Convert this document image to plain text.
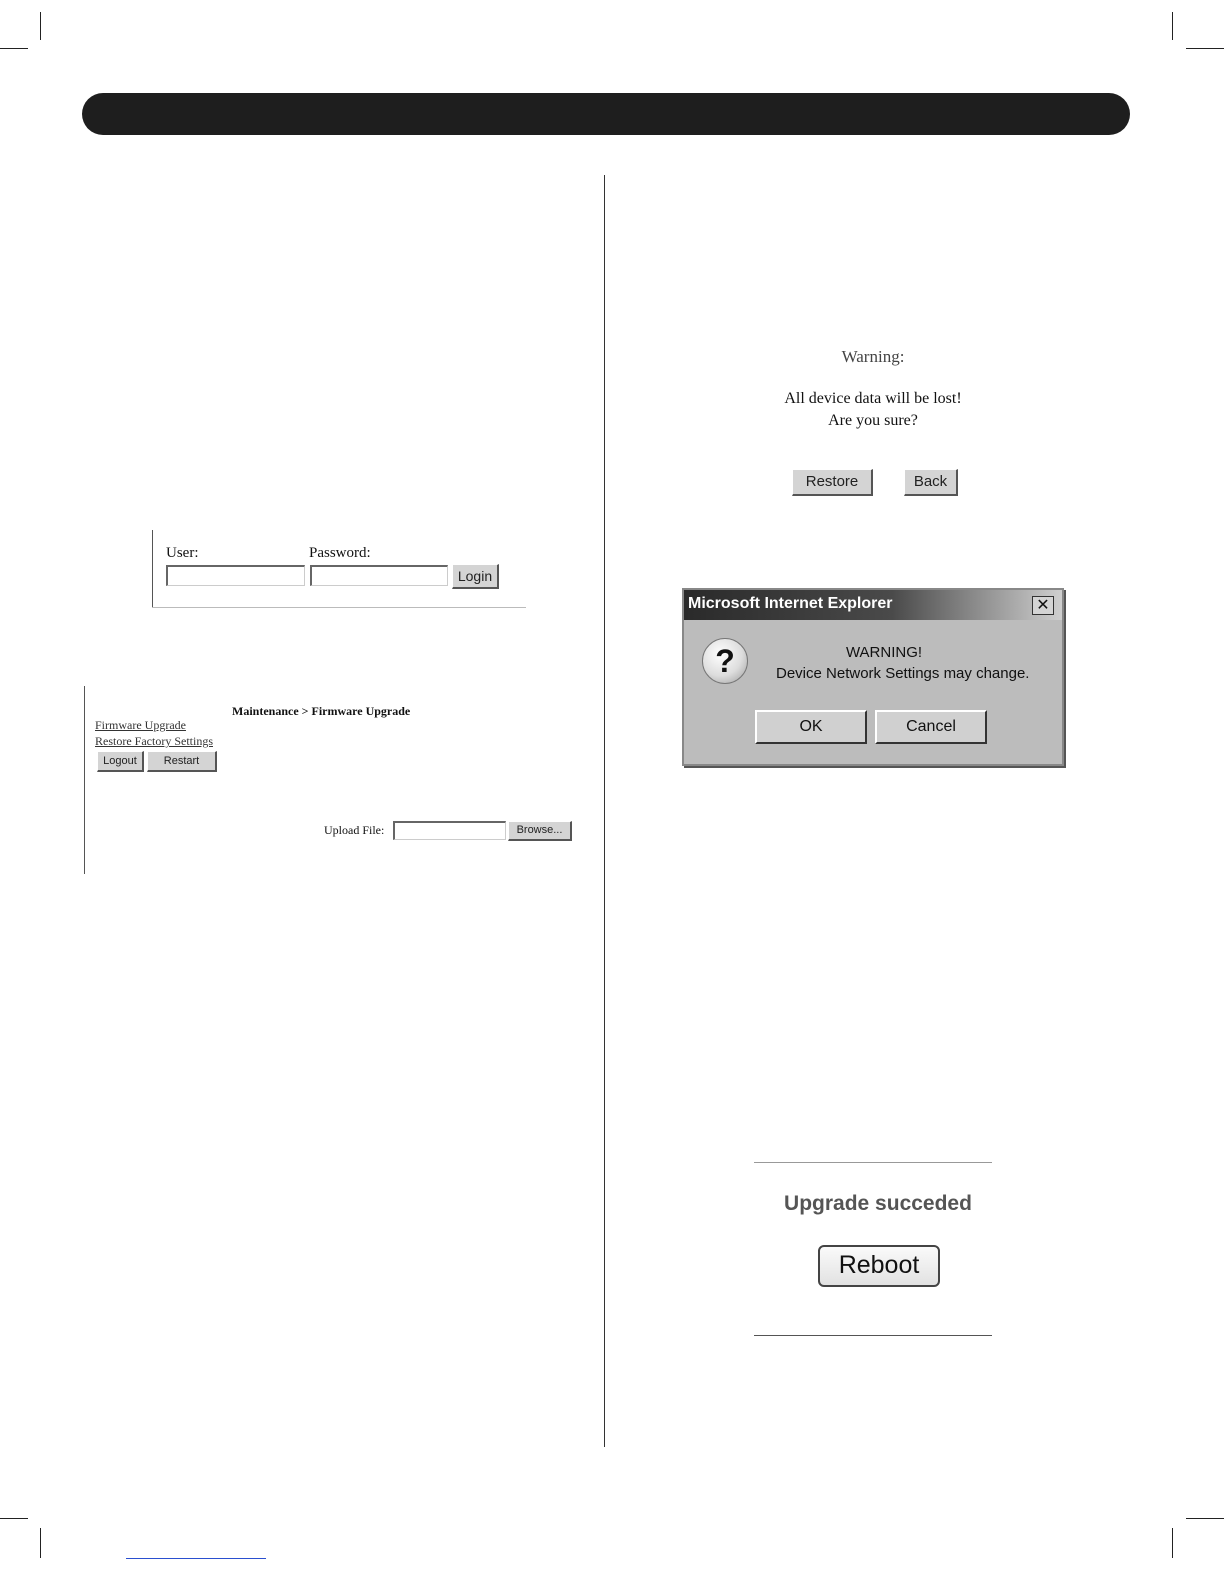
User:	Password:
Login
Maintenance > Firmware Upgrade
Firmware Upgrade
Restore Factory Settings
Logout	Restart
Upload File:	Browse...
Warning:
All device data will be lost!
Are you sure?
Restore	Back
Microsoft Internet Explorer	✕
?	WARNING!
Device Network Settings may change.
OK	Cancel
Upgrade succeded
Reboot
